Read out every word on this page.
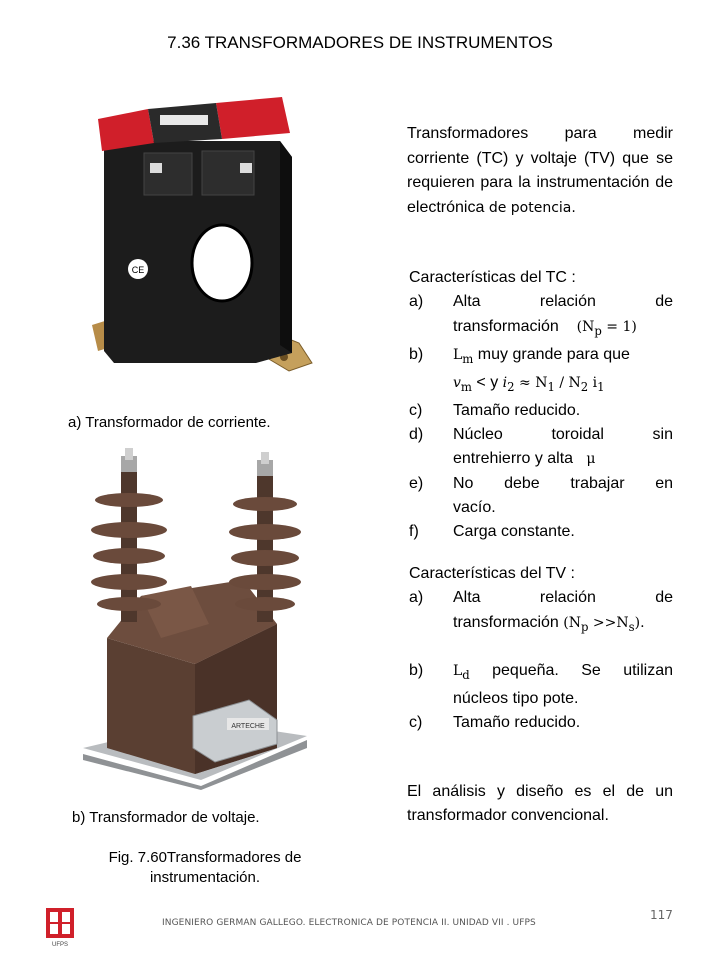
7.36 TRANSFORMADORES DE INSTRUMENTOS
CE
a) Transformador de corriente.
ARTECHE
b) Transformador de voltaje.
Fig. 7.60Transformadores de
instrumentación.
Transformadores para medir corriente (TC) y voltaje (TV) que se requieren para la instrumentación de electrónica de potencia.
Características del TC :
a) Alta relación de
transformación $(N_p = 1)$
b) $L_m$ muy grande para que
$v_m < y$ $i_2 \approx N_1 / N_2$ $i_1$
c) Tamaño reducido.
d) Núcleo toroidal sin
entrehierro y alta μ
e) No debe trabajar en
vacío.
f) Carga constante.
Características del TV :
a) Alta relación de
transformación $(N_p >>N_s)$.
b) $L_d$ pequeña. Se utilizan
núcleos tipo pote.
c) Tamaño reducido.
El análisis y diseño es el de un transformador convencional.
UFPS
INGENIERO GERMAN GALLEGO. ELECTRONICA DE POTENCIA II. UNIDAD VII . UFPS
117
